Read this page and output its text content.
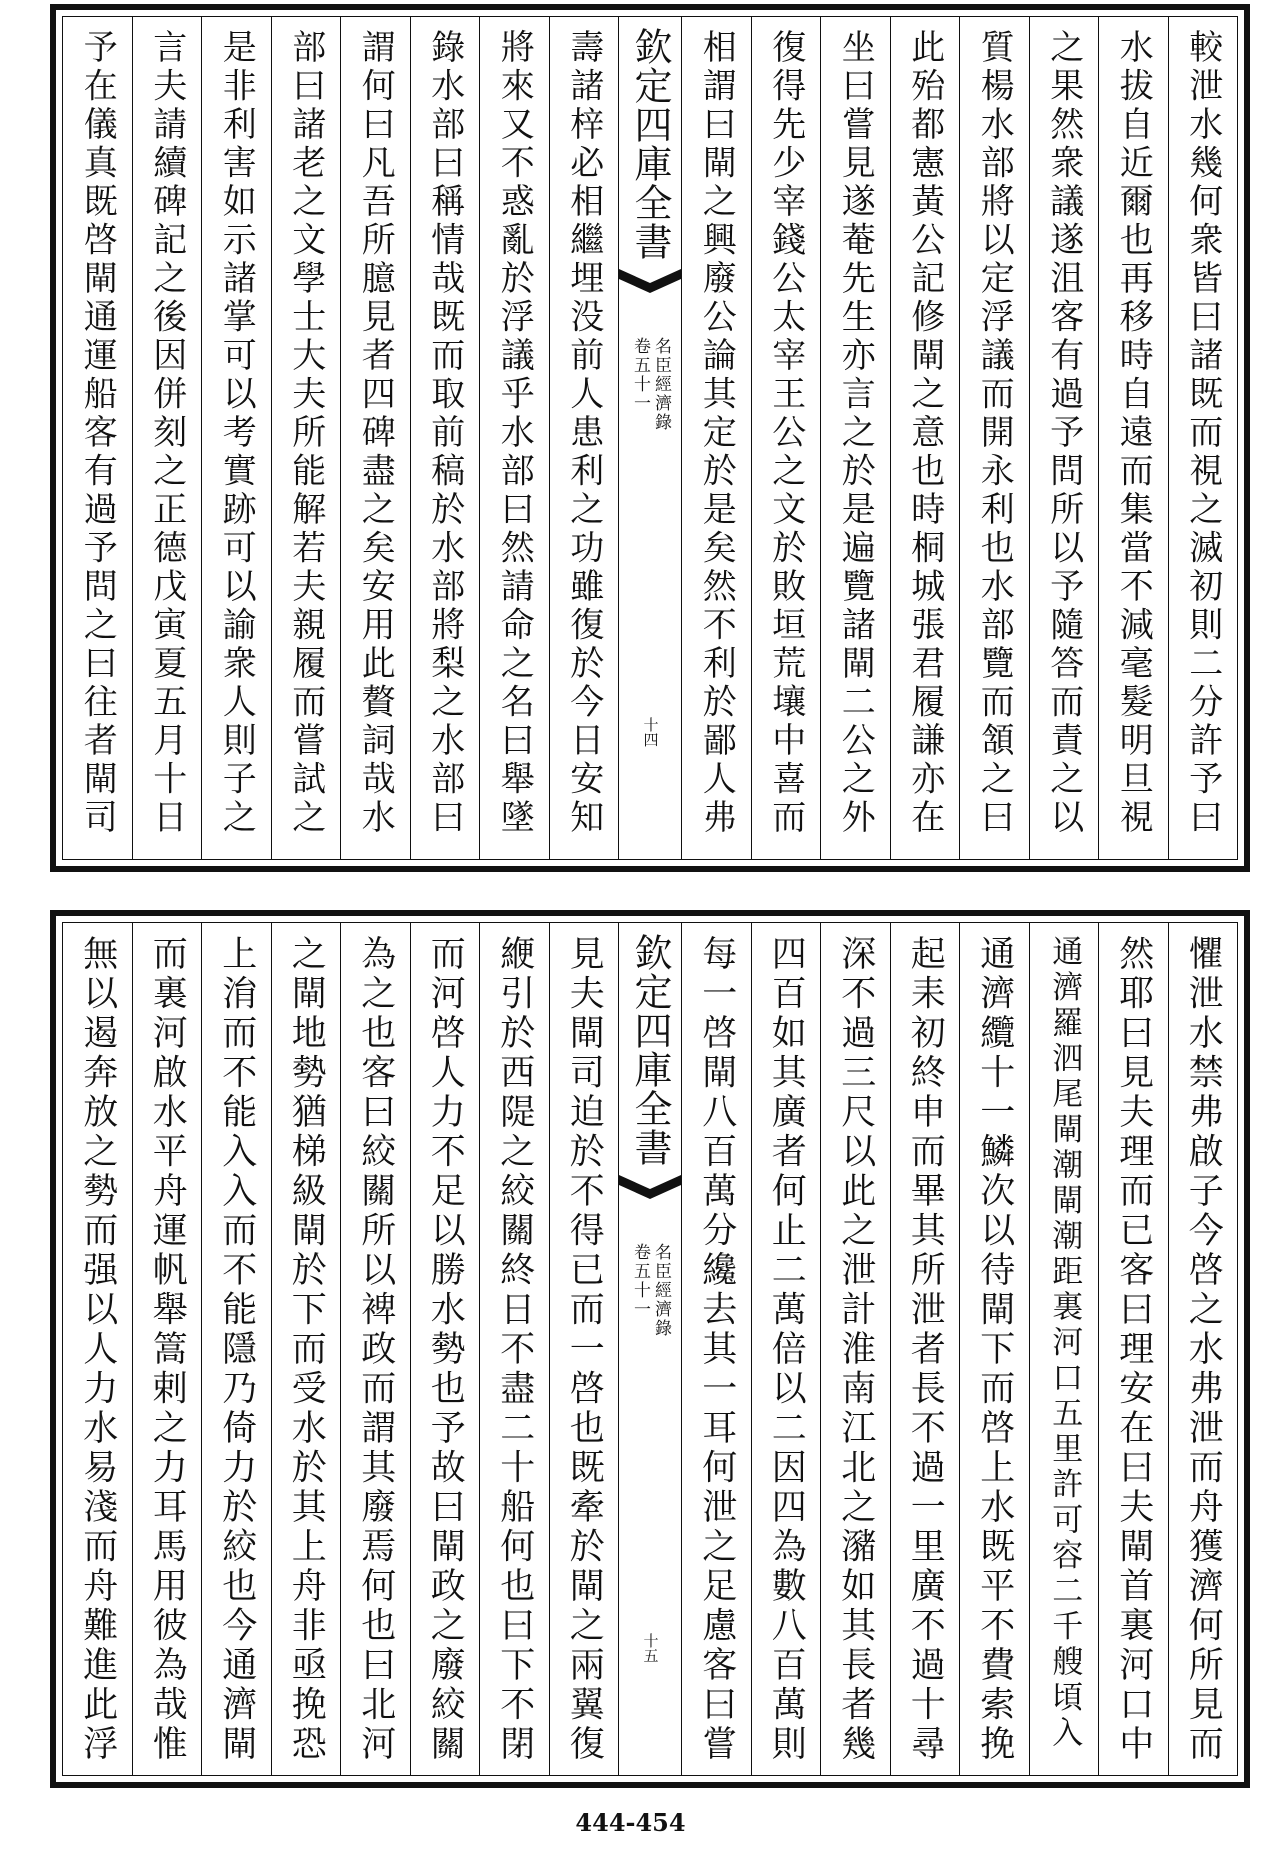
較泄水幾何衆皆曰諸既而視之滅初則二分許予曰
水拔自近爾也再移時自遠而集當不減毫髮明旦視
之果然衆議遂沮客有過予問所以予隨答而責之以
質楊水部將以定浮議而開永利也水部覽而頷之曰
此殆都憲黃公記修閘之意也時桐城張君履謙亦在
坐曰嘗見遂菴先生亦言之於是遍覽諸閘二公之外
復得先少宰錢公太宰王公之文於敗垣荒壤中喜而
相謂曰閘之興廢公論其定於是矣然不利於鄙人弗
欽定四庫全書
名臣經濟錄
卷五十一
十四
壽諸梓必相繼埋没前人患利之功雖復於今日安知
將來又不惑亂於浮議乎水部曰然請命之名曰舉墜
錄水部曰稱情哉既而取前稿於水部將梨之水部曰
謂何曰凡吾所臆見者四碑盡之矣安用此贅詞哉水
部曰諸老之文學士大夫所能解若夫親履而嘗試之
是非利害如示諸掌可以考實跡可以諭衆人則子之
言夫請續碑記之後因併刻之正德戊寅夏五月十日
予在儀真既啓閘通運船客有過予問之曰往者閘司
懼泄水禁弗啟子今啓之水弗泄而舟獲濟何所見而
然耶曰見夫理而已客曰理安在曰夫閘首裏河口中
通濟羅泗尾閘潮閘潮距裏河口五里許可容二千艘頃入
通濟纜十一鱗次以待閘下而啓上水既平不費索挽
起耒初終申而畢其所泄者長不過一里廣不過十尋
深不過三尺以此之泄計淮南江北之瀦如其長者幾
四百如其廣者何止二萬倍以二因四為數八百萬則
每一啓閘八百萬分纔去其一耳何泄之足慮客曰嘗
欽定四庫全書
名臣經濟錄
卷五十一
十五
見夫閘司迫於不得已而一啓也既牽於閘之兩翼復
緶引於西隄之絞關終日不盡二十船何也曰下不閉
而河啓人力不足以勝水勢也予故曰閘政之廢絞關
為之也客曰絞關所以裨政而謂其廢焉何也曰北河
之閘地勢猶梯級閘於下而受水於其上舟非亟挽恐
上㳙而不能入入而不能隱乃倚力於絞也今通濟閘
而裏河啟水平舟運帆舉篙剌之力耳馬用彼為哉惟
無以遏奔放之勢而强以人力水易淺而舟難進此浮
444-454
